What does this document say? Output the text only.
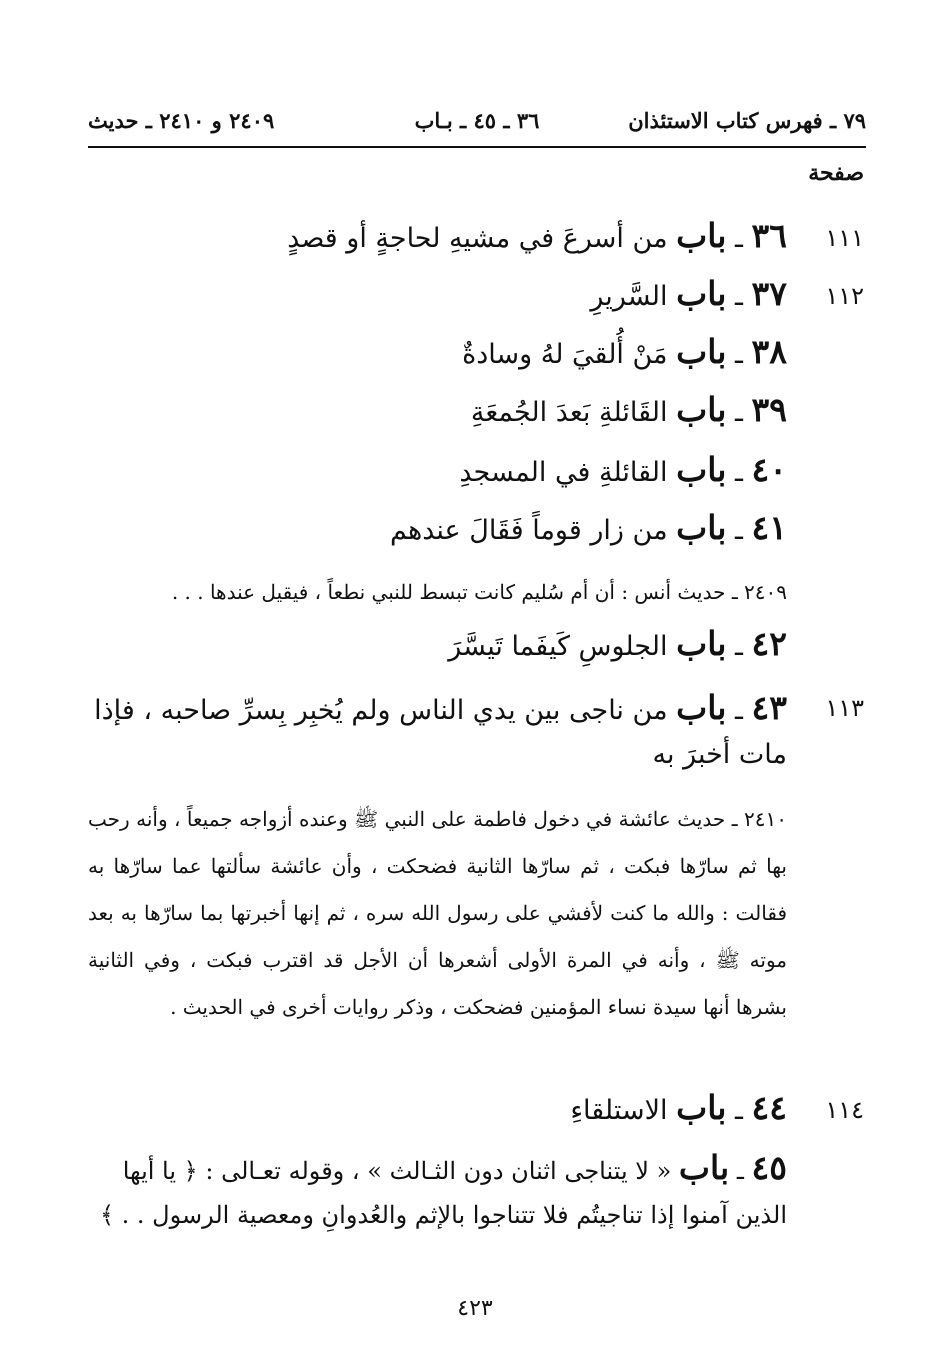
٧٩ ـ فهرس كتاب الاستئذان
٣٦ ـ ٤٥ ـ بـاب
٢٤٠٩ و ٢٤١٠ ـ حديث
صفحة
١١١
١١٢
١١٣
١١٤
٣٦ ـ باب من أسرعَ في مشيهِ لحاجةٍ أو قصدٍ
٣٧ ـ باب السَّريرِ
٣٨ ـ باب مَنْ أُلقيَ لهُ وسادةٌ
٣٩ ـ باب القَائلةِ بَعدَ الجُمعَةِ
٤٠ ـ باب القائلةِ في المسجدِ
٤١ ـ باب من زار قوماً فَقَالَ عندهم
٢٤٠٩ ـ حديث أنس : أن أم سُليم كانت تبسط للنبي نطعاً ، فيقيل عندها . . .
٤٢ ـ باب الجلوسِ كَيفَما تَيسَّرَ
٤٣ ـ باب من ناجى بين يدي الناس ولم يُخبِر بِسرِّ صاحبه ، فإذا مات أخبرَ به
٢٤١٠ ـ حديث عائشة في دخول فاطمة على النبي ﷺ وعنده أزواجه جميعاً ، وأنه رحب بها ثم سارّها فبكت ، ثم سارّها الثانية فضحكت ، وأن عائشة سألتها عما سارّها به فقالت : والله ما كنت لأفشي على رسول الله سره ، ثم إنها أخبرتها بما سارّها به بعد موته ﷺ ، وأنه في المرة الأولى أشعرها أن الأجل قد اقترب فبكت ، وفي الثانية بشرها أنها سيدة نساء المؤمنين فضحكت ، وذكر روايات أخرى في الحديث .
٤٤ ـ باب الاستلقاءِ
٤٥ ـ باب « لا يتناجى اثنان دون الثـالث » ، وقوله تعـالى : ﴿ يا أيها الذين آمنوا إذا تناجيتُم فلا تتناجوا بالإثم والعُدوانِ ومعصية الرسول . . ﴾
٤٢٣
